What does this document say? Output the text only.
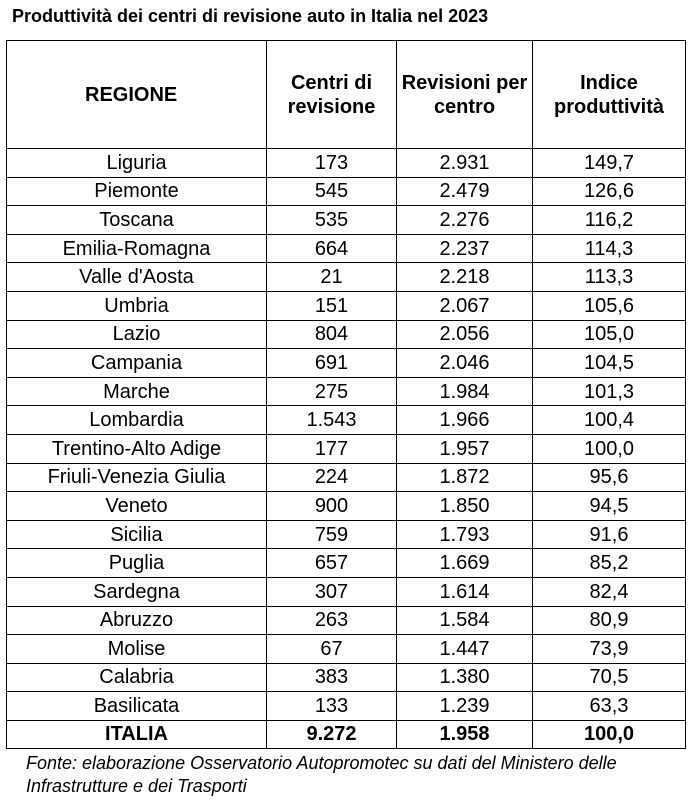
Produttività dei centri di revisione auto in Italia nel 2023
REGIONE	Centri di revisione	Revisioni per centro	Indice produttività
Liguria	173	2.931	149,7
Piemonte	545	2.479	126,6
Toscana	535	2.276	116,2
Emilia-Romagna	664	2.237	114,3
Valle d'Aosta	21	2.218	113,3
Umbria	151	2.067	105,6
Lazio	804	2.056	105,0
Campania	691	2.046	104,5
Marche	275	1.984	101,3
Lombardia	1.543	1.966	100,4
Trentino-Alto Adige	177	1.957	100,0
Friuli-Venezia Giulia	224	1.872	95,6
Veneto	900	1.850	94,5
Sicilia	759	1.793	91,6
Puglia	657	1.669	85,2
Sardegna	307	1.614	82,4
Abruzzo	263	1.584	80,9
Molise	67	1.447	73,9
Calabria	383	1.380	70,5
Basilicata	133	1.239	63,3
ITALIA	9.272	1.958	100,0
Fonte: elaborazione Osservatorio Autopromotec su dati del Ministero delle Infrastrutture e dei Trasporti
